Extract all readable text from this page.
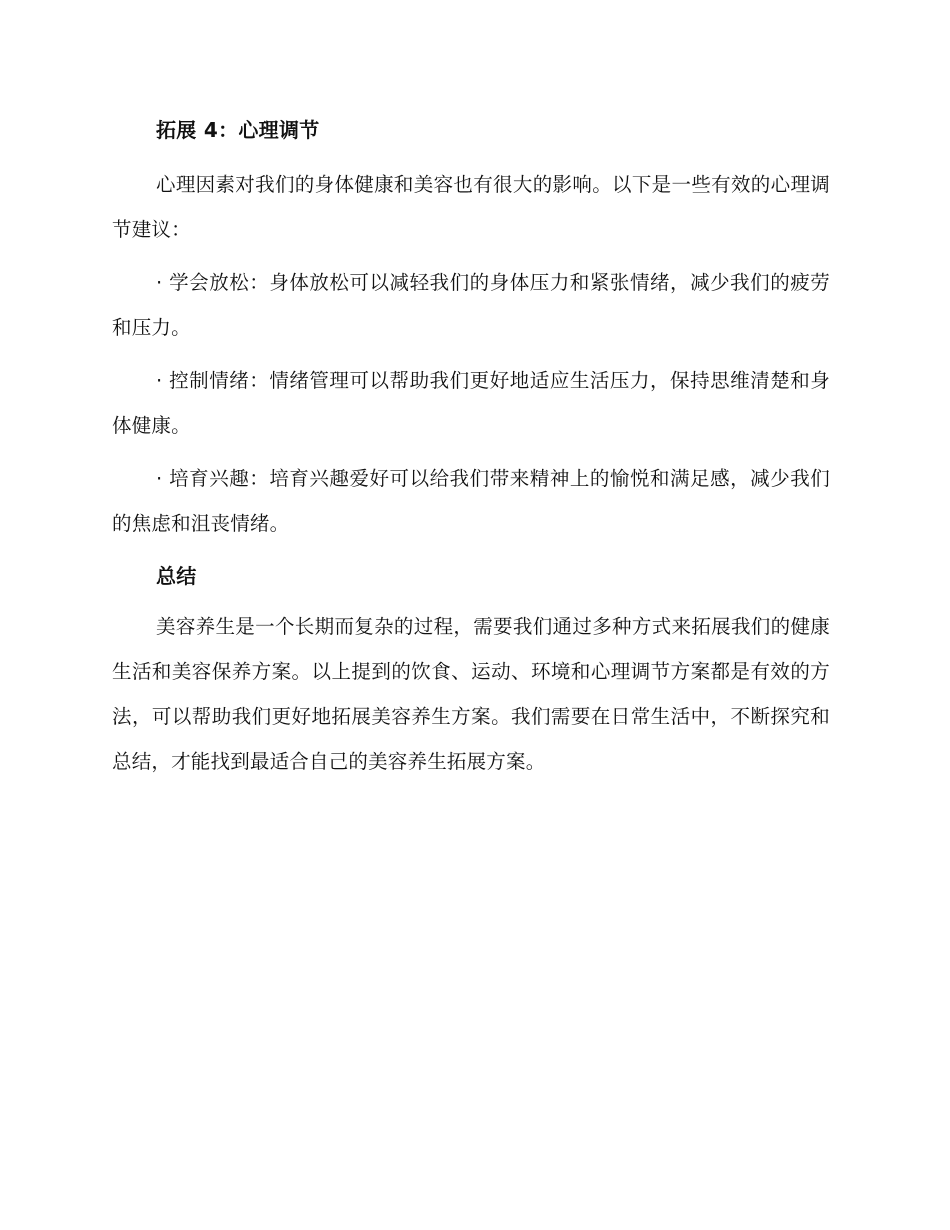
拓展 4：心理调节

心理因素对我们的身体健康和美容也有很大的影响。以下是一些有效的心理调节建议：

· 学会放松：身体放松可以减轻我们的身体压力和紧张情绪，减少我们的疲劳和压力。

· 控制情绪：情绪管理可以帮助我们更好地适应生活压力，保持思维清楚和身体健康。

· 培育兴趣：培育兴趣爱好可以给我们带来精神上的愉悦和满足感，减少我们的焦虑和沮丧情绪。

总结

美容养生是一个长期而复杂的过程，需要我们通过多种方式来拓展我们的健康生活和美容保养方案。以上提到的饮食、运动、环境和心理调节方案都是有效的方法，可以帮助我们更好地拓展美容养生方案。我们需要在日常生活中，不断探究和总结，才能找到最适合自己的美容养生拓展方案。
